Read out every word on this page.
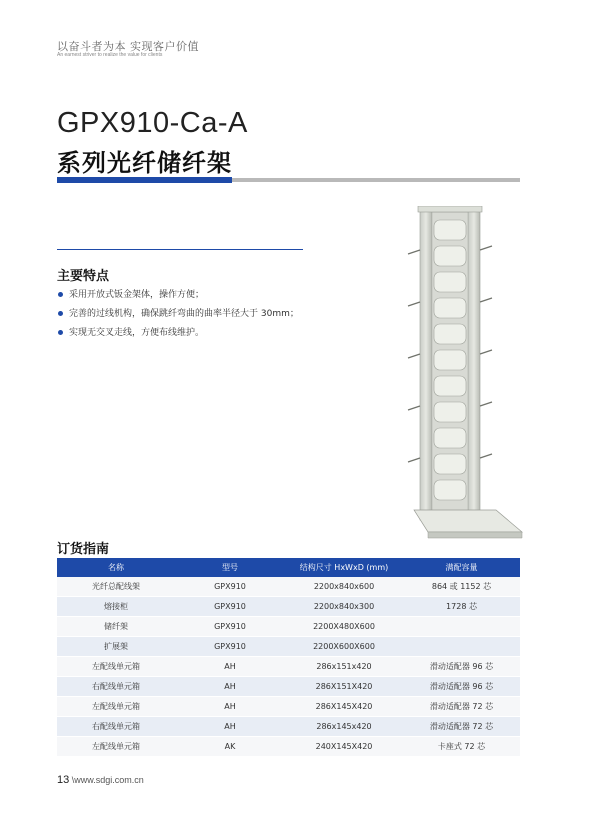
以奋斗者为本 实现客户价值
An earnest striver to realize the value for clients
GPX910-Ca-A
系列光纤储纤架
主要特点
采用开放式钣金架体，操作方便；
完善的过线机构，确保跳纤弯曲的曲率半径大于 30mm；
实现无交叉走线，方便布线维护。
订货指南
名称	型号	结构尺寸 HxWxD (mm)	满配容量
光纤总配线架	GPX910	2200x840x600	864 或 1152 芯
熔接柜	GPX910	2200x840x300	1728 芯
储纤架	GPX910	2200X480X600	
扩展架	GPX910	2200X600X600	
左配线单元箱	AH	286x151x420	滑动适配器 96 芯
右配线单元箱	AH	286X151X420	滑动适配器 96 芯
左配线单元箱	AH	286X145X420	滑动适配器 72 芯
右配线单元箱	AH	286x145x420	滑动适配器 72 芯
左配线单元箱	AK	240X145X420	卡座式 72 芯
13 \www.sdgi.com.cn
